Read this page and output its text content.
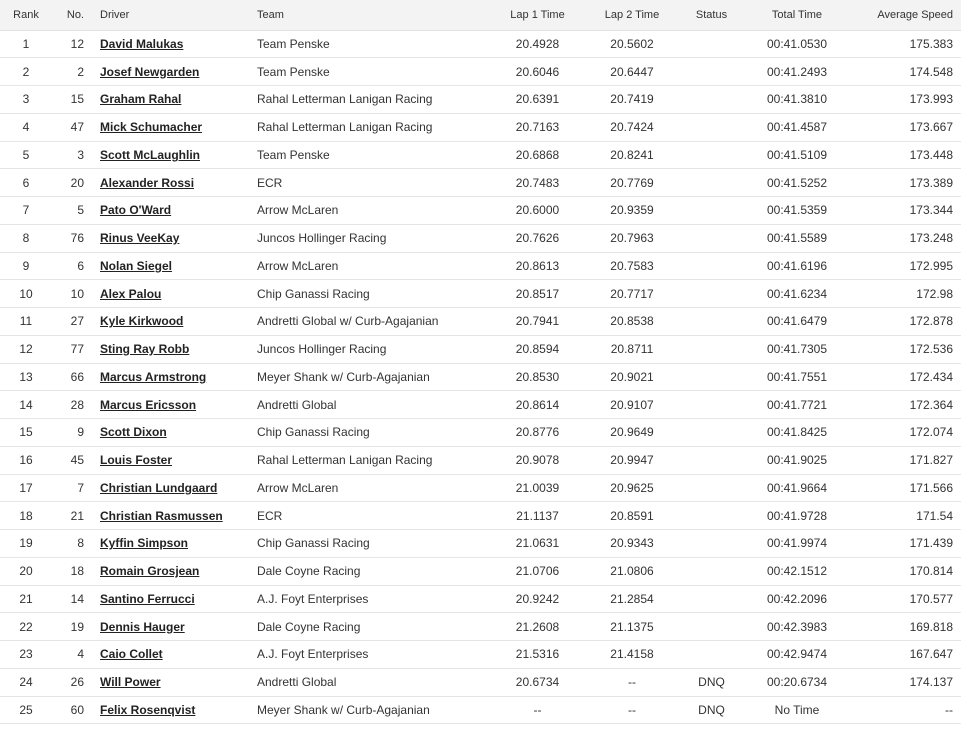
Rank	No.	Driver	Team	Lap 1 Time	Lap 2 Time	Status	Total Time	Average Speed
1	12	David Malukas	Team Penske	20.4928	20.5602		00:41.0530	175.383
2	2	Josef Newgarden	Team Penske	20.6046	20.6447		00:41.2493	174.548
3	15	Graham Rahal	Rahal Letterman Lanigan Racing	20.6391	20.7419		00:41.3810	173.993
4	47	Mick Schumacher	Rahal Letterman Lanigan Racing	20.7163	20.7424		00:41.4587	173.667
5	3	Scott McLaughlin	Team Penske	20.6868	20.8241		00:41.5109	173.448
6	20	Alexander Rossi	ECR	20.7483	20.7769		00:41.5252	173.389
7	5	Pato O'Ward	Arrow McLaren	20.6000	20.9359		00:41.5359	173.344
8	76	Rinus VeeKay	Juncos Hollinger Racing	20.7626	20.7963		00:41.5589	173.248
9	6	Nolan Siegel	Arrow McLaren	20.8613	20.7583		00:41.6196	172.995
10	10	Alex Palou	Chip Ganassi Racing	20.8517	20.7717		00:41.6234	172.98
11	27	Kyle Kirkwood	Andretti Global w/ Curb-Agajanian	20.7941	20.8538		00:41.6479	172.878
12	77	Sting Ray Robb	Juncos Hollinger Racing	20.8594	20.8711		00:41.7305	172.536
13	66	Marcus Armstrong	Meyer Shank w/ Curb-Agajanian	20.8530	20.9021		00:41.7551	172.434
14	28	Marcus Ericsson	Andretti Global	20.8614	20.9107		00:41.7721	172.364
15	9	Scott Dixon	Chip Ganassi Racing	20.8776	20.9649		00:41.8425	172.074
16	45	Louis Foster	Rahal Letterman Lanigan Racing	20.9078	20.9947		00:41.9025	171.827
17	7	Christian Lundgaard	Arrow McLaren	21.0039	20.9625		00:41.9664	171.566
18	21	Christian Rasmussen	ECR	21.1137	20.8591		00:41.9728	171.54
19	8	Kyffin Simpson	Chip Ganassi Racing	21.0631	20.9343		00:41.9974	171.439
20	18	Romain Grosjean	Dale Coyne Racing	21.0706	21.0806		00:42.1512	170.814
21	14	Santino Ferrucci	A.J. Foyt Enterprises	20.9242	21.2854		00:42.2096	170.577
22	19	Dennis Hauger	Dale Coyne Racing	21.2608	21.1375		00:42.3983	169.818
23	4	Caio Collet	A.J. Foyt Enterprises	21.5316	21.4158		00:42.9474	167.647
24	26	Will Power	Andretti Global	20.6734	--	DNQ	00:20.6734	174.137
25	60	Felix Rosenqvist	Meyer Shank w/ Curb-Agajanian	--	--	DNQ	No Time	--
